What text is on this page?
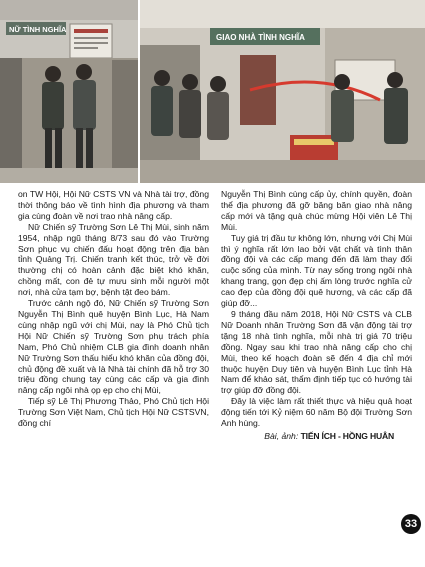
NỮ TÌNH NGHĨA
GIAO NHÀ TÌNH NGHĨA

on TW Hội, Hội Nữ CSTS VN và Nhà tài trợ, đồng thời thông báo về tình hình địa phương và tham gia cùng đoàn về nơi trao nhà nâng cấp.

Nữ Chiến sỹ Trường Sơn Lê Thị Mùi, sinh năm 1954, nhập ngũ tháng 8/73 sau đó vào Trường Sơn phục vụ chiến đấu hoạt động trên địa bàn tỉnh Quảng Trị. Chiến tranh kết thúc, trở về đời thường chị có hoàn cảnh đặc biệt khó khăn, chồng mất, con đẻ tự mưu sinh mỗi người một nơi, nhà cửa tạm bợ, bệnh tật đeo bám.

Trước cảnh ngộ đó, Nữ Chiến sỹ Trường Sơn Nguyễn Thị Bình quê huyện Bình Lục, Hà Nam cùng nhập ngũ với chị Mùi, nay là Phó Chủ tịch Hội Nữ Chiến sỹ Trường Sơn phụ trách phía Nam, Phó Chủ nhiệm CLB gia đình doanh nhân Nữ Trường Sơn thấu hiểu khó khăn của đồng đội, chủ động đề xuất và là Nhà tài chính đã hỗ trợ 30 triệu đồng chung tay cùng các cấp và gia đình nâng cấp ngôi nhà ọp ẹp cho chị Mùi,

Tiếp sỹ Lê Thị Phương Thảo, Phó Chủ tịch Hội Trường Sơn Việt Nam, Chủ tịch Hội Nữ CSTSVN, đồng chí

Nguyễn Thị Bình cùng cấp ủy, chính quyền, đoàn thể địa phương đã gỡ băng băn giao nhà nâng cấp mới và tặng quà chúc mừng Hội viên Lê Thị Mùi.

Tuy giá trị đầu tư không lớn, nhưng với Chị Mùi thì ý nghĩa rất lớn lao bởi vật chất và tình thân đồng đội và các cấp mang đến đã làm thay đổi cuộc sống của mình. Từ nay sống trong ngôi nhà khang trang, gọn đẹp chị ấm lòng trước nghĩa cử cao đẹp của đồng đội quê hương, và các cấp đã giúp đỡ...

9 tháng đầu năm 2018, Hội Nữ CSTS và CLB Nữ Doanh nhân Trường Sơn đã vận động tài trợ tặng 18 nhà tình nghĩa, mỗi nhà trị giá 70 triệu đồng. Ngay sau khi trao nhà nâng cấp cho chị Mùi, theo kế hoạch đoàn sẽ đến 4 địa chỉ mới thuộc huyện Duy tiên và huyện Bình Lục tỉnh Hà Nam để khảo sát, thẩm định tiếp tục có hướng tài trợ giúp đỡ đồng đội.

Đây là việc làm rất thiết thực và hiệu quả hoạt động tiến tới Kỷ niệm 60 năm Bộ đội Trường Sơn Anh hùng.

Bài, ảnh: TIẾN ÍCH - HỒNG HUÂN
33
